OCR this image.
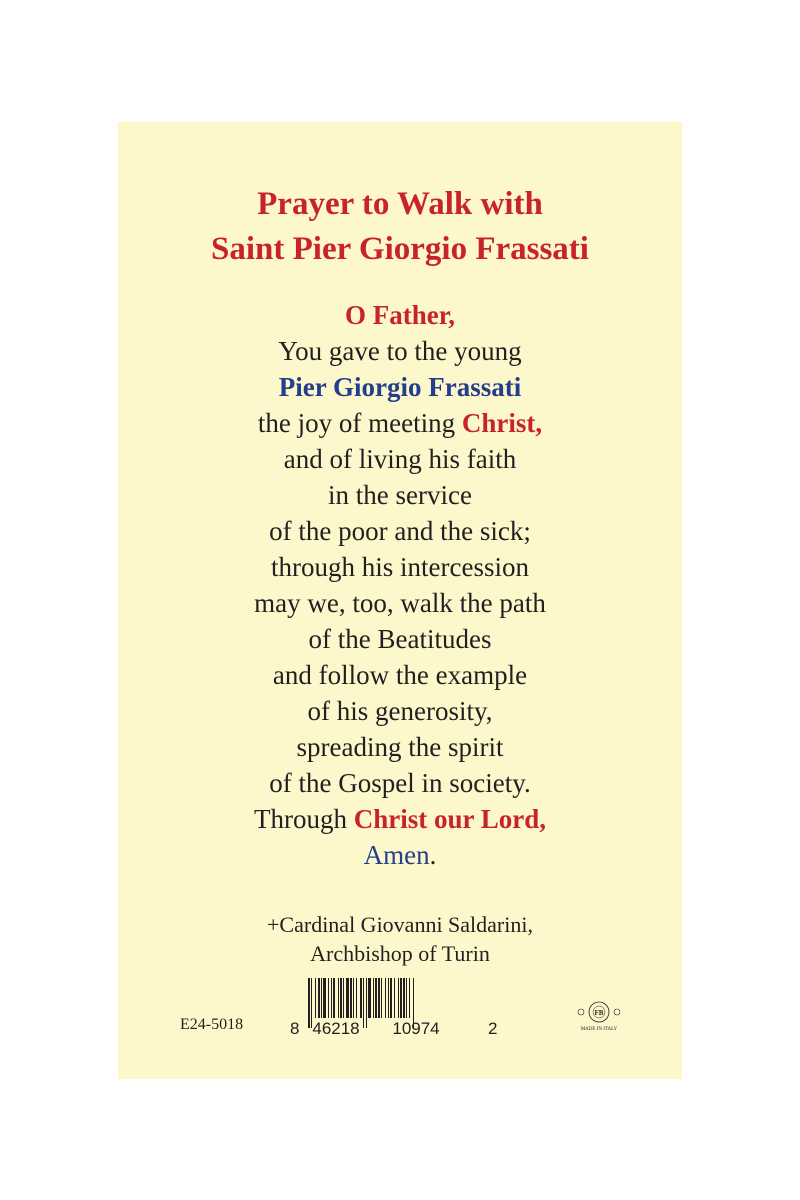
Prayer to Walk with
Saint Pier Giorgio Frassati
O Father,
You gave to the young
Pier Giorgio Frassati
the joy of meeting Christ,
and of living his faith
in the service
of the poor and the sick;
through his intercession
may we, too, walk the path
of the Beatitudes
and follow the example
of his generosity,
spreading the spirit
of the Gospel in society.
Through Christ our Lord,
Amen.
+Cardinal Giovanni Saldarini,
Archbishop of Turin
E24-5018	8 46218 10974	2
FB
MADE IN ITALY
